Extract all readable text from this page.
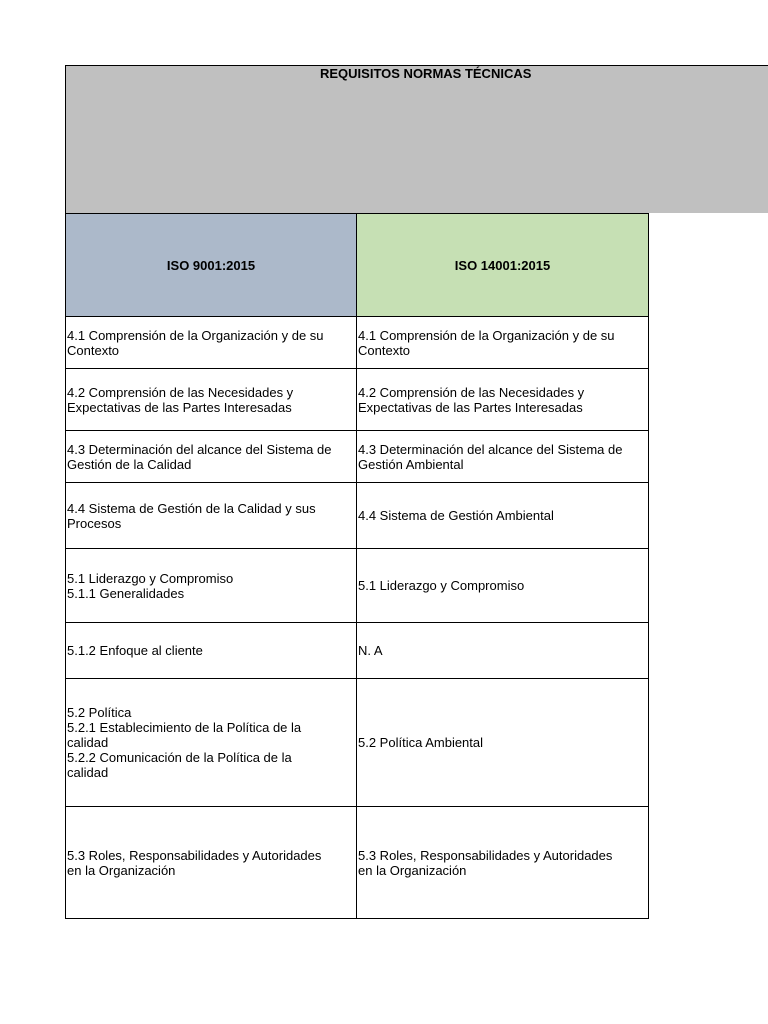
REQUISITOS NORMAS TÉCNICAS
ISO 9001:2015	ISO 14001:2015

4.1 Comprensión de la Organización y de su
Contexto	4.1 Comprensión de la Organización y de su
Contexto

4.2 Comprensión de las Necesidades y
Expectativas de las Partes Interesadas	4.2 Comprensión de las Necesidades y
Expectativas de las Partes Interesadas

4.3 Determinación del alcance del Sistema de
Gestión de la Calidad	4.3 Determinación del alcance del Sistema de
Gestión Ambiental

4.4 Sistema de Gestión de la Calidad y sus
Procesos	4.4 Sistema de Gestión Ambiental

5.1 Liderazgo y Compromiso
5.1.1 Generalidades	5.1 Liderazgo y Compromiso

5.1.2 Enfoque al cliente	N. A

5.2 Política
5.2.1 Establecimiento de la Política de la
calidad
5.2.2 Comunicación de la Política de la
calidad	5.2 Política Ambiental

5.3 Roles, Responsabilidades y Autoridades
en la Organización	5.3 Roles, Responsabilidades y Autoridades
en la Organización
